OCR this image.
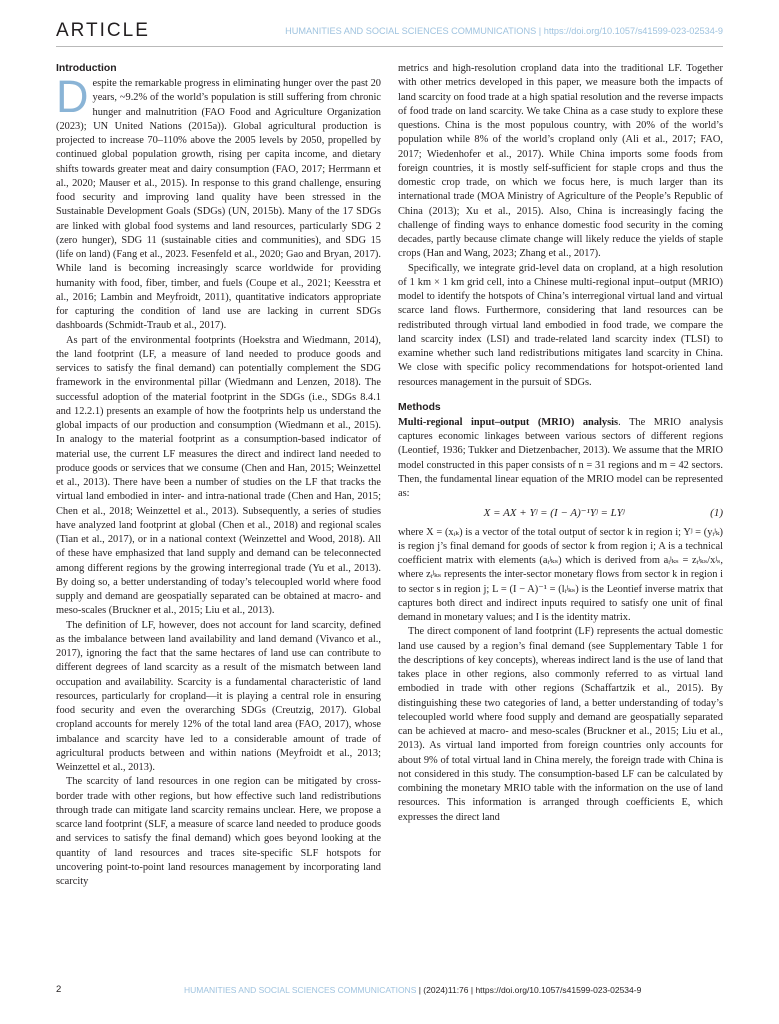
ARTICLE	HUMANITIES AND SOCIAL SCIENCES COMMUNICATIONS | https://doi.org/10.1057/s41599-023-02534-9
Introduction

Despite the remarkable progress in eliminating hunger over the past 20 years, ~9.2% of the world’s population is still suffering from chronic hunger and malnutrition (FAO Food and Agriculture Organization (2023); UN United Nations (2015a)). Global agricultural production is projected to increase 70–110% above the 2005 levels by 2050, propelled by continued global population growth, rising per capita income, and dietary shifts towards greater meat and dairy consumption (FAO, 2017; Herrmann et al., 2020; Mauser et al., 2015). In response to this grand challenge, ensuring food security and improving land quality have been stressed in the Sustainable Development Goals (SDGs) (UN, 2015b). Many of the 17 SDGs are linked with global food systems and land resources, particularly SDG 2 (zero hunger), SDG 11 (sustainable cities and communities), and SDG 15 (life on land) (Fang et al., 2023. Fesenfeld et al., 2020; Gao and Bryan, 2017). While land is becoming increasingly scarce worldwide for providing humanity with food, fiber, timber, and fuels (Coupe et al., 2021; Keesstra et al., 2016; Lambin and Meyfroidt, 2011), quantitative indicators appropriate for capturing the condition of land use are lacking in current SDGs dashboards (Schmidt-Traub et al., 2017).

As part of the environmental footprints (Hoekstra and Wiedmann, 2014), the land footprint (LF, a measure of land needed to produce goods and services to satisfy the final demand) can potentially complement the SDG framework in the environmental pillar (Wiedmann and Lenzen, 2018). The successful adoption of the material footprint in the SDGs (i.e., SDGs 8.4.1 and 12.2.1) presents an example of how the footprints help us understand the global impacts of our production and consumption (Wiedmann et al., 2015). In analogy to the material footprint as a consumption-based indicator of material use, the current LF measures the direct and indirect land needed to produce goods or services that we consume (Chen and Han, 2015; Weinzettel et al., 2013). There have been a number of studies on the LF that tracks the virtual land embodied in inter- and intra-national trade (Chen and Han, 2015; Chen et al., 2018; Weinzettel et al., 2013). Subsequently, a series of studies have analyzed land footprint at global (Chen et al., 2018) and regional scales (Tian et al., 2017), or in a national context (Weinzettel and Wood, 2018). All of these have emphasized that land supply and demand can be teleconnected among different regions by the growing interregional trade (Yu et al., 2013). By doing so, a better understanding of today’s telecoupled world where food supply and demand are geospatially separated can be obtained at macro- and meso-scales (Bruckner et al., 2015; Liu et al., 2013).

The definition of LF, however, does not account for land scarcity, defined as the imbalance between land availability and land demand (Vivanco et al., 2017), ignoring the fact that the same hectares of land use can contribute to different degrees of land scarcity as a result of the mismatch between land occupation and availability. Scarcity is a fundamental characteristic of land resources, particularly for cropland—it is playing a central role in ensuring food security and even the overarching SDGs (Creutzig, 2017). Global cropland accounts for merely 12% of the total land area (FAO, 2017), whose imbalance and scarcity have led to a considerable amount of trade of agricultural products between and within nations (Meyfroidt et al., 2013; Weinzettel et al., 2013).

The scarcity of land resources in one region can be mitigated by cross-border trade with other regions, but how effective such land redistributions through trade can mitigate land scarcity remains unclear. Here, we propose a scarce land footprint (SLF, a measure of scarce land needed to produce goods and services to satisfy the final demand) which goes beyond looking at the quantity of land resources and traces site-specific SLF hotspots for uncovering point-to-point land resources management by incorporating land scarcity

metrics and high-resolution cropland data into the traditional LF. Together with other metrics developed in this paper, we measure both the impacts of land scarcity on food trade at a high spatial resolution and the reverse impacts of food trade on land scarcity. We take China as a case study to explore these questions. China is the most populous country, with 20% of the world’s population while 8% of the world’s cropland only (Ali et al., 2017; FAO, 2017; Wiedenhofer et al., 2017). While China imports some foods from foreign countries, it is mostly self-sufficient for staple crops and thus the domestic crop trade, on which we focus here, is much larger than its international trade (MOA Ministry of Agriculture of the People’s Republic of China (2013); Xu et al., 2015). Also, China is increasingly facing the challenge of finding ways to enhance domestic food security in the coming decades, partly because climate change will likely reduce the yields of staple crops (Han and Wang, 2023; Zhang et al., 2017).

Specifically, we integrate grid-level data on cropland, at a high resolution of 1 km × 1 km grid cell, into a Chinese multi-regional input–output (MRIO) model to identify the hotspots of China’s interregional virtual land and virtual scarce land flows. Furthermore, considering that land resources can be redistributed through virtual land embodied in food trade, we compare the land scarcity index (LSI) and trade-related land scarcity index (TLSI) to examine whether such land redistributions mitigates land scarcity in China. We close with specific policy recommendations for hotspot-oriented land resources management in the pursuit of SDGs.

Methods

Multi-regional input–output (MRIO) analysis. The MRIO analysis captures economic linkages between various sectors of different regions (Leontief, 1936; Tukker and Dietzenbacher, 2013). We assume that the MRIO model constructed in this paper consists of n = 31 regions and m = 42 sectors. Then, the fundamental linear equation of the MRIO model can be represented as:

X = AX + Yʲ = (I − A)⁻¹Yʲ = LYʲ	(1)

where X = (xᵢₖ) is a vector of the total output of sector k in region i; Yʲ = (yᵢʲₖ) is region j’s final demand for goods of sector k from region i; A is a technical coefficient matrix with elements (aᵢʲₖₛ) which is derived from aᵢʲₖₛ = zᵢʲₖₛ/xʲₛ, where zᵢʲₖₛ represents the inter-sector monetary flows from sector k in region i to sector s in region j; L = (I − A)⁻¹ = (lᵢʲₖₛ) is the Leontief inverse matrix that captures both direct and indirect inputs required to satisfy one unit of final demand in monetary values; and I is the identity matrix.

The direct component of land footprint (LF) represents the actual domestic land use caused by a region’s final demand (see Supplementary Table 1 for the descriptions of key concepts), whereas indirect land is the use of land that takes place in other regions, also commonly referred to as virtual land embodied in trade with other regions (Schaffartzik et al., 2015). By distinguishing these two categories of land, a better understanding of today’s telecoupled world where food supply and demand are geospatially separated can be achieved at macro- and meso-scales (Bruckner et al., 2015; Liu et al., 2013). As virtual land imported from foreign countries only accounts for about 9% of total virtual land in China merely, the foreign trade with China is not considered in this study. The consumption-based LF can be calculated by combining the monetary MRIO table with the information on the use of land resources. This information is arranged through coefficients E, which expresses the direct land

2	HUMANITIES AND SOCIAL SCIENCES COMMUNICATIONS | (2024)11:76 | https://doi.org/10.1057/s41599-023-02534-9
